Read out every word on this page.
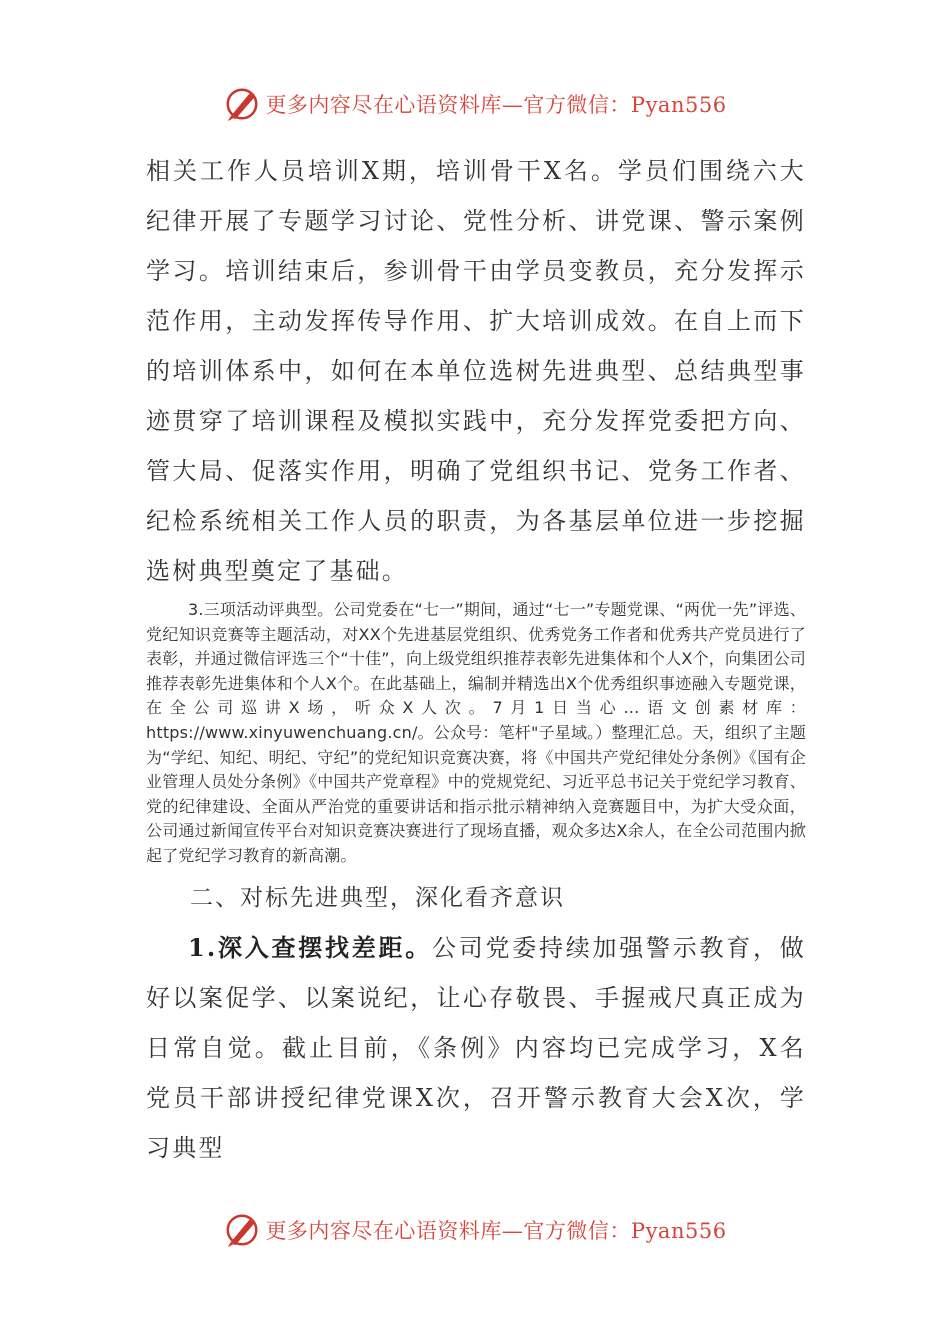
更多内容尽在心语资料库—官方微信：Pyan556

相关工作人员培训X期，培训骨干X名。学员们围绕六大纪律开展了专题学习讨论、党性分析、讲党课、警示案例学习。培训结束后，参训骨干由学员变教员，充分发挥示范作用，主动发挥传导作用、扩大培训成效。在自上而下的培训体系中，如何在本单位选树先进典型、总结典型事迹贯穿了培训课程及模拟实践中，充分发挥党委把方向、管大局、促落实作用，明确了党组织书记、党务工作者、纪检系统相关工作人员的职责，为各基层单位进一步挖掘选树典型奠定了基础。

3.三项活动评典型。公司党委在“七一”期间，通过“七一”专题党课、“两优一先”评选、党纪知识竞赛等主题活动，对XX个先进基层党组织、优秀党务工作者和优秀共产党员进行了表彰，并通过微信评选三个“十佳”，向上级党组织推荐表彰先进集体和个人X个，向集团公司推荐表彰先进集体和个人X个。在此基础上，编制并精选出X个优秀组织事迹融入专题党课，在全公司巡讲X场，听众X人次。7月1日当心…语文创素材库：https://www.xinyuwenchuang.cn/。公众号：笔杆"子星域。）整理汇总。天，组织了主题为“学纪、知纪、明纪、守纪”的党纪知识竞赛决赛，将《中国共产党纪律处分条例》《国有企业管理人员处分条例》《中国共产党章程》中的党规党纪、习近平总书记关于党纪学习教育、党的纪律建设、全面从严治党的重要讲话和指示批示精神纳入竞赛题目中，为扩大受众面，公司通过新闻宣传平台对知识竞赛决赛进行了现场直播，观众多达X余人，在全公司范围内掀起了党纪学习教育的新高潮。

二、对标先进典型，深化看齐意识

1.深入查摆找差距。公司党委持续加强警示教育，做好以案促学、以案说纪，让心存敬畏、手握戒尺真正成为日常自觉。截止目前，《条例》内容均已完成学习，X名党员干部讲授纪律党课X次，召开警示教育大会X次，学习典型

更多内容尽在心语资料库—官方微信：Pyan556
